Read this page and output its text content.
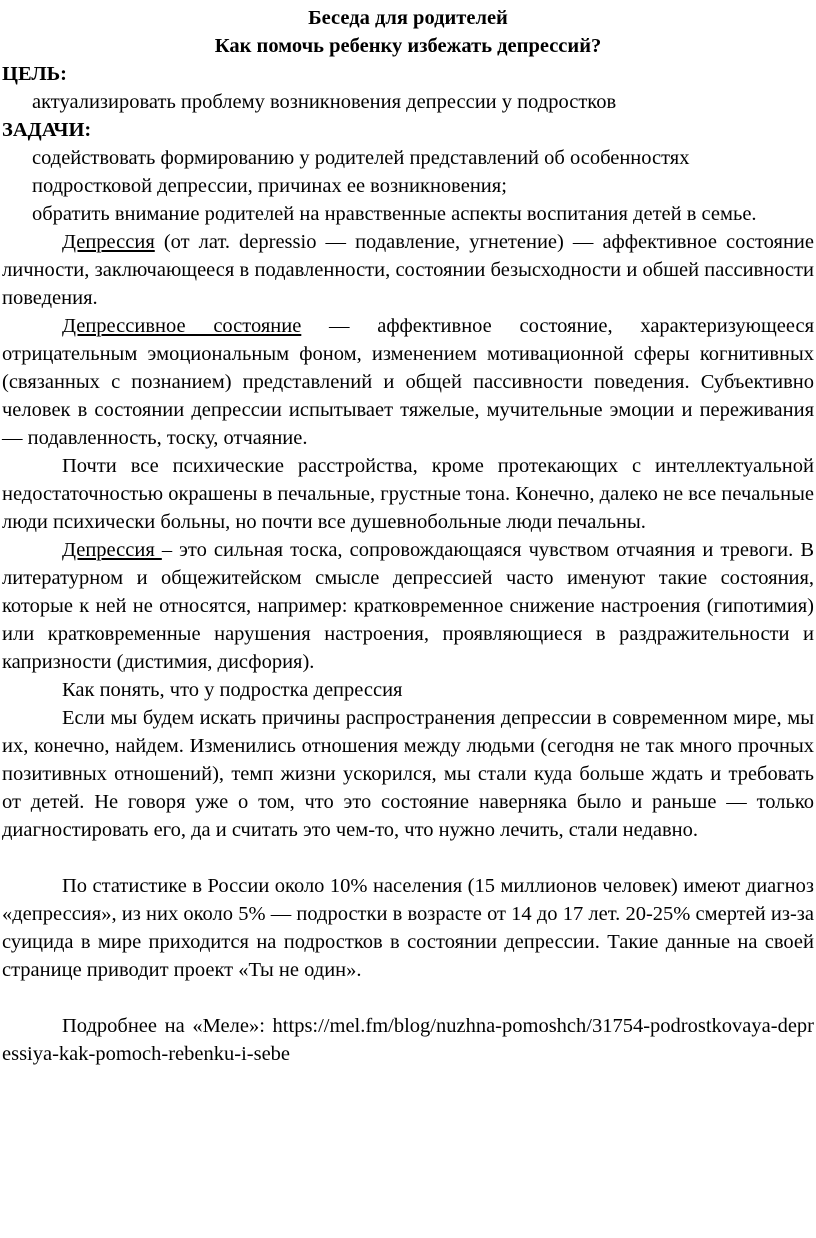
Беседа для родителей

Как помочь ребенку избежать депрессий?

ЦЕЛЬ:

актуализировать проблему возникновения депрессии у подростков

ЗАДАЧИ:

содействовать формированию у родителей представлений об особенностях подростковой депрессии, причинах ее возникновения;

обратить внимание родителей на нравственные аспекты воспитания детей в семье.

Депрессия (от лат. depressio — подавление, угнетение) — аффективное состояние личности, заключающееся в подавленности, состоянии безысходности и обшей пассивности поведения.

Депрессивное состояние — аффективное состояние, характеризующееся отрицательным эмоциональным фоном, изменением мотивационной сферы когнитивных (связанных с познанием) представлений и общей пассивности поведения. Субъективно человек в состоянии депрессии испытывает тяжелые, мучительные эмоции и переживания — подавленность, тоску, отчаяние.

Почти все психические расстройства, кроме протекающих с интеллектуальной недостаточностью окрашены в печальные, грустные тона. Конечно, далеко не все печальные люди психически больны, но почти все душевнобольные люди печальны.

Депрессия – это сильная тоска, сопровождающаяся чувством отчаяния и тревоги. В литературном и общежитейском смысле депрессией часто именуют такие состояния, которые к ней не относятся, например: кратковременное снижение настроения (гипотимия) или кратковременные нарушения настроения, проявляющиеся в раздражительности и капризности (дистимия, дисфория).

Как понять, что у подростка депрессия

Если мы будем искать причины распространения депрессии в современном мире, мы их, конечно, найдем. Изменились отношения между людьми (сегодня не так много прочных позитивных отношений), темп жизни ускорился, мы стали куда больше ждать и требовать от детей. Не говоря уже о том, что это состояние наверняка было и раньше — только диагностировать его, да и считать это чем-то, что нужно лечить, стали недавно.

По статистике в России около 10% населения (15 миллионов человек) имеют диагноз «депрессия», из них около 5% — подростки в возрасте от 14 до 17 лет. 20-25% смертей из-за суицида в мире приходится на подростков в состоянии депрессии. Такие данные на своей странице приводит проект «Ты не один».

Подробнее на «Меле»: https://mel.fm/blog/nuzhna-pomoshch/31754-podrostkovaya-depressiya-kak-pomoch-rebenku-i-sebe
